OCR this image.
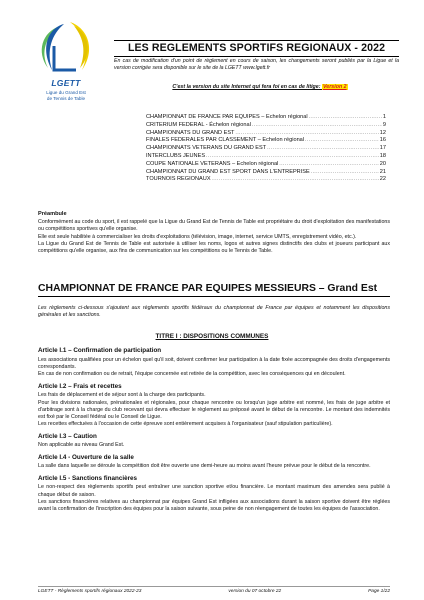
LGETT
Ligue du Grand Est
de Tennis de Table
LES REGLEMENTS SPORTIFS REGIONAUX - 2022
En cas de modification d'un point de règlement en cours de saison, les changements seront publiés par la Ligue et la version corrigée sera disponible sur le site de la LGETT www.lgett.fr
C'est la version du site Internet qui fera foi en cas de litige: Version 2
CHAMPIONNAT DE FRANCE PAR EQUIPES – Echelon régional .....	1
CRITERIUM FEDERAL - Échelon régional .....	9
CHAMPIONNATS DU GRAND EST .....	12
FINALES FEDERALES PAR CLASSEMENT – Echelon régional .....	16
CHAMPIONNATS VETERANS DU GRAND EST .....	17
INTERCLUBS JEUNES .....	18
COUPE NATIONALE VETERANS – Echelon régional .....	20
CHAMPIONNAT DU GRAND EST SPORT DANS L'ENTREPRISE .....	21
TOURNOIS REGIONAUX .....	22
Préambule

Conformément au code du sport, il est rappelé que la Ligue du Grand Est de Tennis de Table est propriétaire du droit d'exploitation des manifestations ou compétitions sportives qu'elle organise.

Elle est seule habilitée à commercialiser les droits d'exploitations (télévision, image, internet, service UMTS, enregistrement vidéo, etc.).

La Ligue du Grand Est de Tennis de Table est autorisée à utiliser les noms, logos et autres signes distinctifs des clubs et joueurs participant aux compétitions qu'elle organise, aux fins de communication sur les compétitions ou le Tennis de Table.

CHAMPIONNAT DE FRANCE PAR EQUIPES MESSIEURS – Grand Est
Les règlements ci-dessous s'ajoutent aux règlements sportifs fédéraux du championnat de France par équipes et notamment les dispositions générales et les sanctions.
TITRE I : DISPOSITIONS COMMUNES
Article I.1 – Confirmation de participation

Les associations qualifiées pour un échelon quel qu'il soit, doivent confirmer leur participation à la date fixée accompagnée des droits d'engagements correspondants.

En cas de non confirmation ou de retrait, l'équipe concernée est retirée de la compétition, avec les conséquences qui en découlent.

Article I.2 – Frais et recettes

Les frais de déplacement et de séjour sont à la charge des participants.

Pour les divisions nationales, prénationales et régionales, pour chaque rencontre ou lorsqu'un juge arbitre est nommé, les frais de juge arbitre et d'arbitrage sont à la charge du club recevant qui devra effectuer le règlement au préposé avant le début de la rencontre. Le montant des indemnités est fixé par le Conseil fédéral ou le Conseil de Ligue.

Les recettes effectuées à l'occasion de cette épreuve sont entièrement acquises à l'organisateur (sauf stipulation particulière).

Article I.3 – Caution

Non applicable au niveau Grand Est.

Article I.4 - Ouverture de la salle

La salle dans laquelle se déroule la compétition doit être ouverte une demi-heure au moins avant l'heure prévue pour le début de la rencontre.

Article I.5 - Sanctions financières

Le non-respect des règlements sportifs peut entraîner une sanction sportive et/ou financière. Le montant maximum des amendes sera publié à chaque début de saison.

Les sanctions financières relatives au championnat par équipes Grand Est infligées aux associations durant la saison sportive doivent être réglées avant la confirmation de l'inscription des équipes pour la saison suivante, sous peine de non réengagement de toutes les équipes de l'association.

LGETT - Règlements sportifs régionaux 2022-23	version du 07 octobre 22	Page 1/22
